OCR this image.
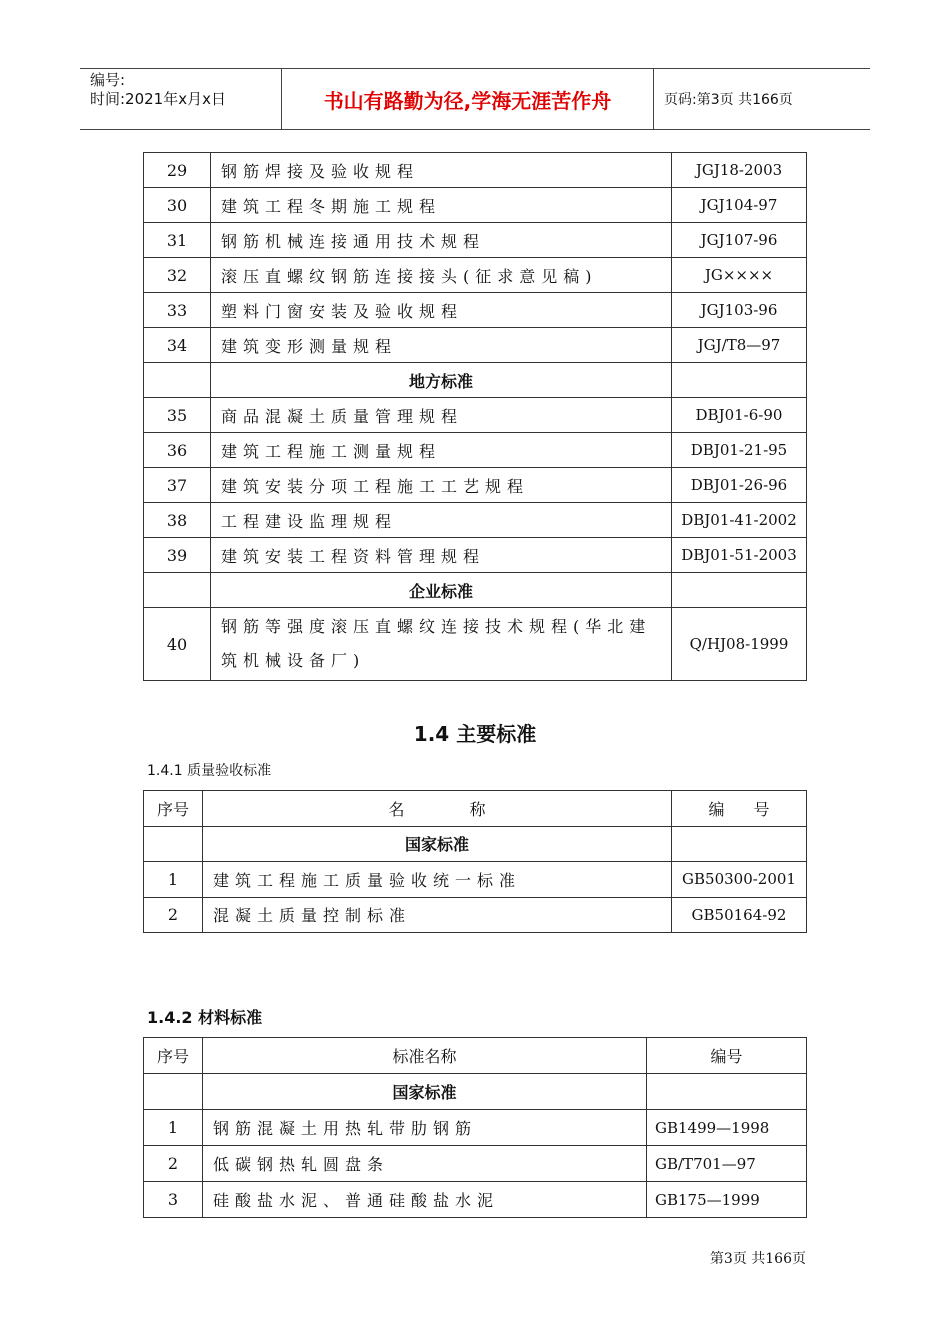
编号:
时间:2021年x月x日	书山有路勤为径,学海无涯苦作舟	页码:第3页 共166页
29	钢筋焊接及验收规程	JGJ18-2003
30	建筑工程冬期施工规程	JGJ104-97
31	钢筋机械连接通用技术规程	JGJ107-96
32	滚压直螺纹钢筋连接接头(征求意见稿)	JG××××
33	塑料门窗安装及验收规程	JGJ103-96
34	建筑变形测量规程	JGJ/T8—97
	地方标准	
35	商品混凝土质量管理规程	DBJ01-6-90
36	建筑工程施工测量规程	DBJ01-21-95
37	建筑安装分项工程施工工艺规程	DBJ01-26-96
38	工程建设监理规程	DBJ01-41-2002
39	建筑安装工程资料管理规程	DBJ01-51-2003
	企业标准	
40	钢筋等强度滚压直螺纹连接技术规程(华北建筑机械设备厂)	Q/HJ08-1999
1.4 主要标准
1.4.1 质量验收标准
序号	名 称	编 号
	国家标准	
1	建筑工程施工质量验收统一标准	GB50300-2001
2	混凝土质量控制标准	GB50164-92
1.4.2 材料标准
序号	标准名称	编号
	国家标准	
1	钢筋混凝土用热轧带肋钢筋	GB1499—1998
2	低碳钢热轧圆盘条	GB/T701—97
3	硅酸盐水泥、普通硅酸盐水泥	GB175—1999
第3页 共166页
